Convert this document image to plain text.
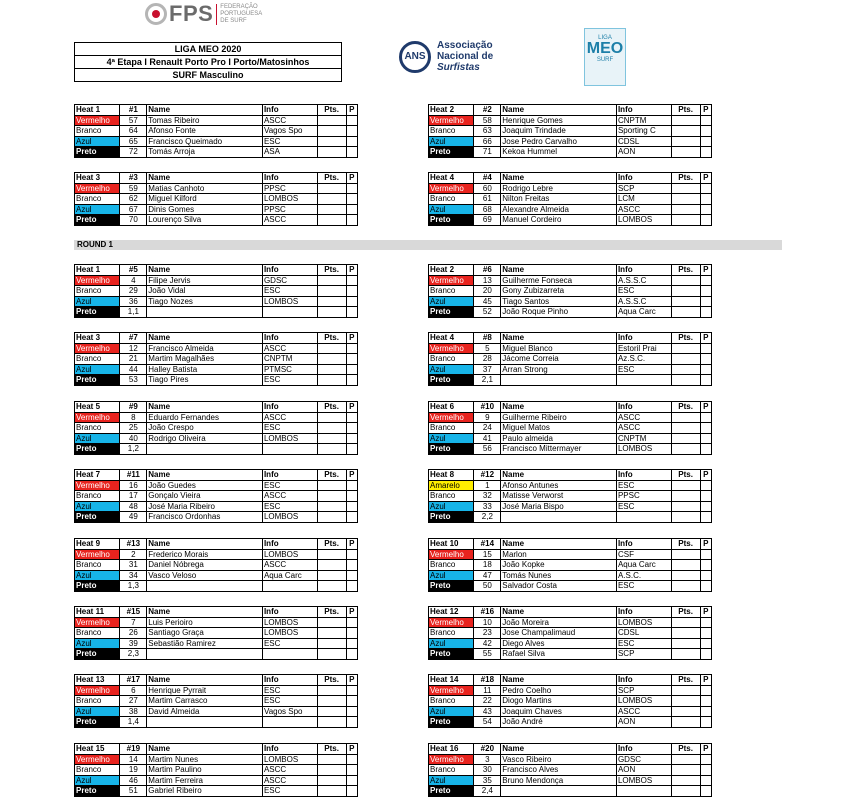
FPS	FEDERAÇÃO PORTUGUESA DE SURF
LIGA MEO 2020
4ª Etapa I Renault Porto Pro I Porto/Matosinhos
SURF Masculino
ANS
Associação
Nacional de
Surfistas
LIGA
MEO
SURF
ROUND 1
Heat 1	#1	Name	Info	Pts.	P
Vermelho	57	Tomas Ribeiro	ASCC		
Branco	64	Afonso Fonte	Vagos Spo		
Azul	65	Francisco Queimado	ESC		
Preto	72	Tomás Arroja	ASA		
Heat 2	#2	Name	Info	Pts.	P
Vermelho	58	Henrique Gomes	CNPTM		
Branco	63	Joaquim Trindade	Sporting C		
Azul	66	Jose Pedro Carvalho	CDSL		
Preto	71	Kekoa Hummel	AON		
Heat 3	#3	Name	Info	Pts.	P
Vermelho	59	Matias Canhoto	PPSC		
Branco	62	Miguel Kilford	LOMBOS		
Azul	67	Dinis Gomes	PPSC		
Preto	70	Lourenço Silva	ASCC		
Heat 4	#4	Name	Info	Pts.	P
Vermelho	60	Rodrigo Lebre	SCP		
Branco	61	Nilton Freitas	LCM		
Azul	68	Alexandre Almeida	ASCC		
Preto	69	Manuel Cordeiro	LOMBOS		
Heat 1	#5	Name	Info	Pts.	P
Vermelho	4	Filipe Jervis	GDSC		
Branco	29	João Vidal	ESC		
Azul	36	Tiago Nozes	LOMBOS		
Preto	1,1				
Heat 2	#6	Name	Info	Pts.	P
Vermelho	13	Guilherme Fonseca	A.S.S.C		
Branco	20	Gony Zubizarreta	ESC		
Azul	45	Tiago Santos	A.S.S.C		
Preto	52	João Roque Pinho	Aqua Carc		
Heat 3	#7	Name	Info	Pts.	P
Vermelho	12	Francisco Almeida	ASCC		
Branco	21	Martim Magalhães	CNPTM		
Azul	44	Halley Batista	PTMSC		
Preto	53	Tiago Pires	ESC		
Heat 4	#8	Name	Info	Pts.	P
Vermelho	5	Miguel Blanco	Estoril Prai		
Branco	28	Jácome Correia	Az.S.C.		
Azul	37	Arran Strong	ESC		
Preto	2,1				
Heat 5	#9	Name	Info	Pts.	P
Vermelho	8	Eduardo Fernandes	ASCC		
Branco	25	João Crespo	ESC		
Azul	40	Rodrigo Oliveira	LOMBOS		
Preto	1,2				
Heat 6	#10	Name	Info	Pts.	P
Vermelho	9	Guilherme Ribeiro	ASCC		
Branco	24	Miguel Matos	ASCC		
Azul	41	Paulo almeida	CNPTM		
Preto	56	Francisco Mittermayer	LOMBOS		
Heat 7	#11	Name	Info	Pts.	P
Vermelho	16	João Guedes	ESC		
Branco	17	Gonçalo Vieira	ASCC		
Azul	48	José Maria Ribeiro	ESC		
Preto	49	Francisco Ordonhas	LOMBOS		
Heat 8	#12	Name	Info	Pts.	P
Amarelo	1	Afonso Antunes	ESC		
Branco	32	Matisse Verworst	PPSC		
Azul	33	José Maria Bispo	ESC		
Preto	2,2				
Heat 9	#13	Name	Info	Pts.	P
Vermelho	2	Frederico Morais	LOMBOS		
Branco	31	Daniel Nóbrega	ASCC		
Azul	34	Vasco Veloso	Aqua Carc		
Preto	1,3				
Heat 10	#14	Name	Info	Pts.	P
Vermelho	15	Marlon	CSF		
Branco	18	João Kopke	Aqua Carc		
Azul	47	Tomás Nunes	A.S.C.		
Preto	50	Salvador Costa	ESC		
Heat 11	#15	Name	Info	Pts.	P
Vermelho	7	Luis Perioiro	LOMBOS		
Branco	26	Santiago Graça	LOMBOS		
Azul	39	Sebastião Ramirez	ESC		
Preto	2,3				
Heat 12	#16	Name	Info	Pts.	P
Vermelho	10	João Moreira	LOMBOS		
Branco	23	Jose Champalimaud	CDSL		
Azul	42	Diego Alves	ESC		
Preto	55	Rafael Silva	SCP		
Heat 13	#17	Name	Info	Pts.	P
Vermelho	6	Henrique Pyrrait	ESC		
Branco	27	Martim Carrasco	ESC		
Azul	38	David Almeida	Vagos Spo		
Preto	1,4				
Heat 14	#18	Name	Info	Pts.	P
Vermelho	11	Pedro Coelho	SCP		
Branco	22	Diogo Martins	LOMBOS		
Azul	43	Joaquim Chaves	ASCC		
Preto	54	João André	AON		
Heat 15	#19	Name	Info	Pts.	P
Vermelho	14	Martim Nunes	LOMBOS		
Branco	19	Martim Paulino	ASCC		
Azul	46	Martim Ferreira	ASCC		
Preto	51	Gabriel Ribeiro	ESC		
Heat 16	#20	Name	Info	Pts.	P
Vermelho	3	Vasco Ribeiro	GDSC		
Branco	30	Francisco Alves	AON		
Azul	35	Bruno Mendonça	LOMBOS		
Preto	2,4				
